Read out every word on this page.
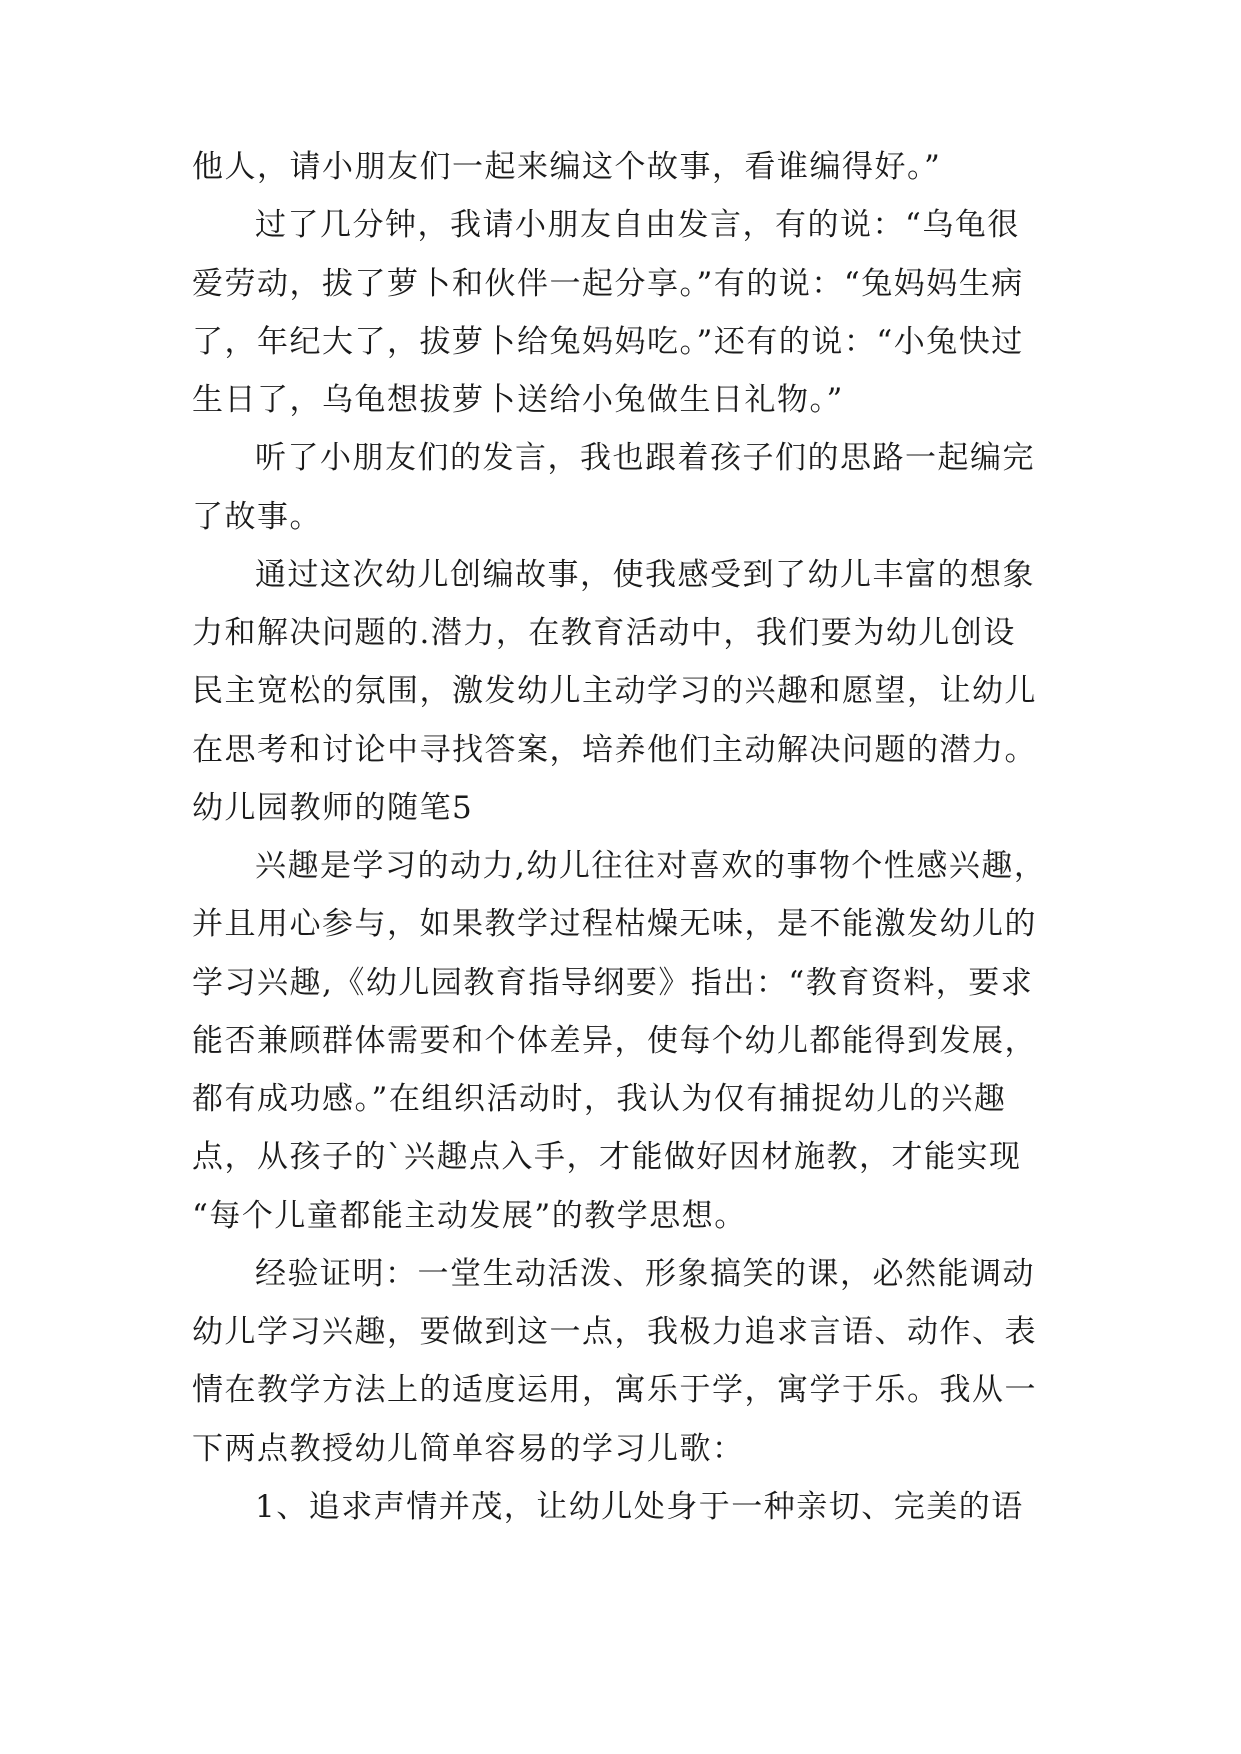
他人，请小朋友们一起来编这个故事，看谁编得好。”

过了几分钟，我请小朋友自由发言，有的说：“乌龟很

爱劳动，拔了萝卜和伙伴一起分享。”有的说：“兔妈妈生病

了，年纪大了，拔萝卜给兔妈妈吃。”还有的说：“小兔快过

生日了，乌龟想拔萝卜送给小兔做生日礼物。”

听了小朋友们的发言，我也跟着孩子们的思路一起编完

了故事。

通过这次幼儿创编故事，使我感受到了幼儿丰富的想象

力和解决问题的.潜力，在教育活动中，我们要为幼儿创设

民主宽松的氛围，激发幼儿主动学习的兴趣和愿望，让幼儿

在思考和讨论中寻找答案，培养他们主动解决问题的潜力。

幼儿园教师的随笔5

兴趣是学习的动力,幼儿往往对喜欢的事物个性感兴趣，

并且用心参与，如果教学过程枯燥无味，是不能激发幼儿的

学习兴趣,《幼儿园教育指导纲要》指出：“教育资料，要求

能否兼顾群体需要和个体差异，使每个幼儿都能得到发展，

都有成功感。”在组织活动时，我认为仅有捕捉幼儿的兴趣

点，从孩子的`兴趣点入手，才能做好因材施教，才能实现

“每个儿童都能主动发展”的教学思想。

经验证明：一堂生动活泼、形象搞笑的课，必然能调动

幼儿学习兴趣，要做到这一点，我极力追求言语、动作、表

情在教学方法上的适度运用，寓乐于学，寓学于乐。我从一

下两点教授幼儿简单容易的学习儿歌：

1、追求声情并茂，让幼儿处身于一种亲切、完美的语
